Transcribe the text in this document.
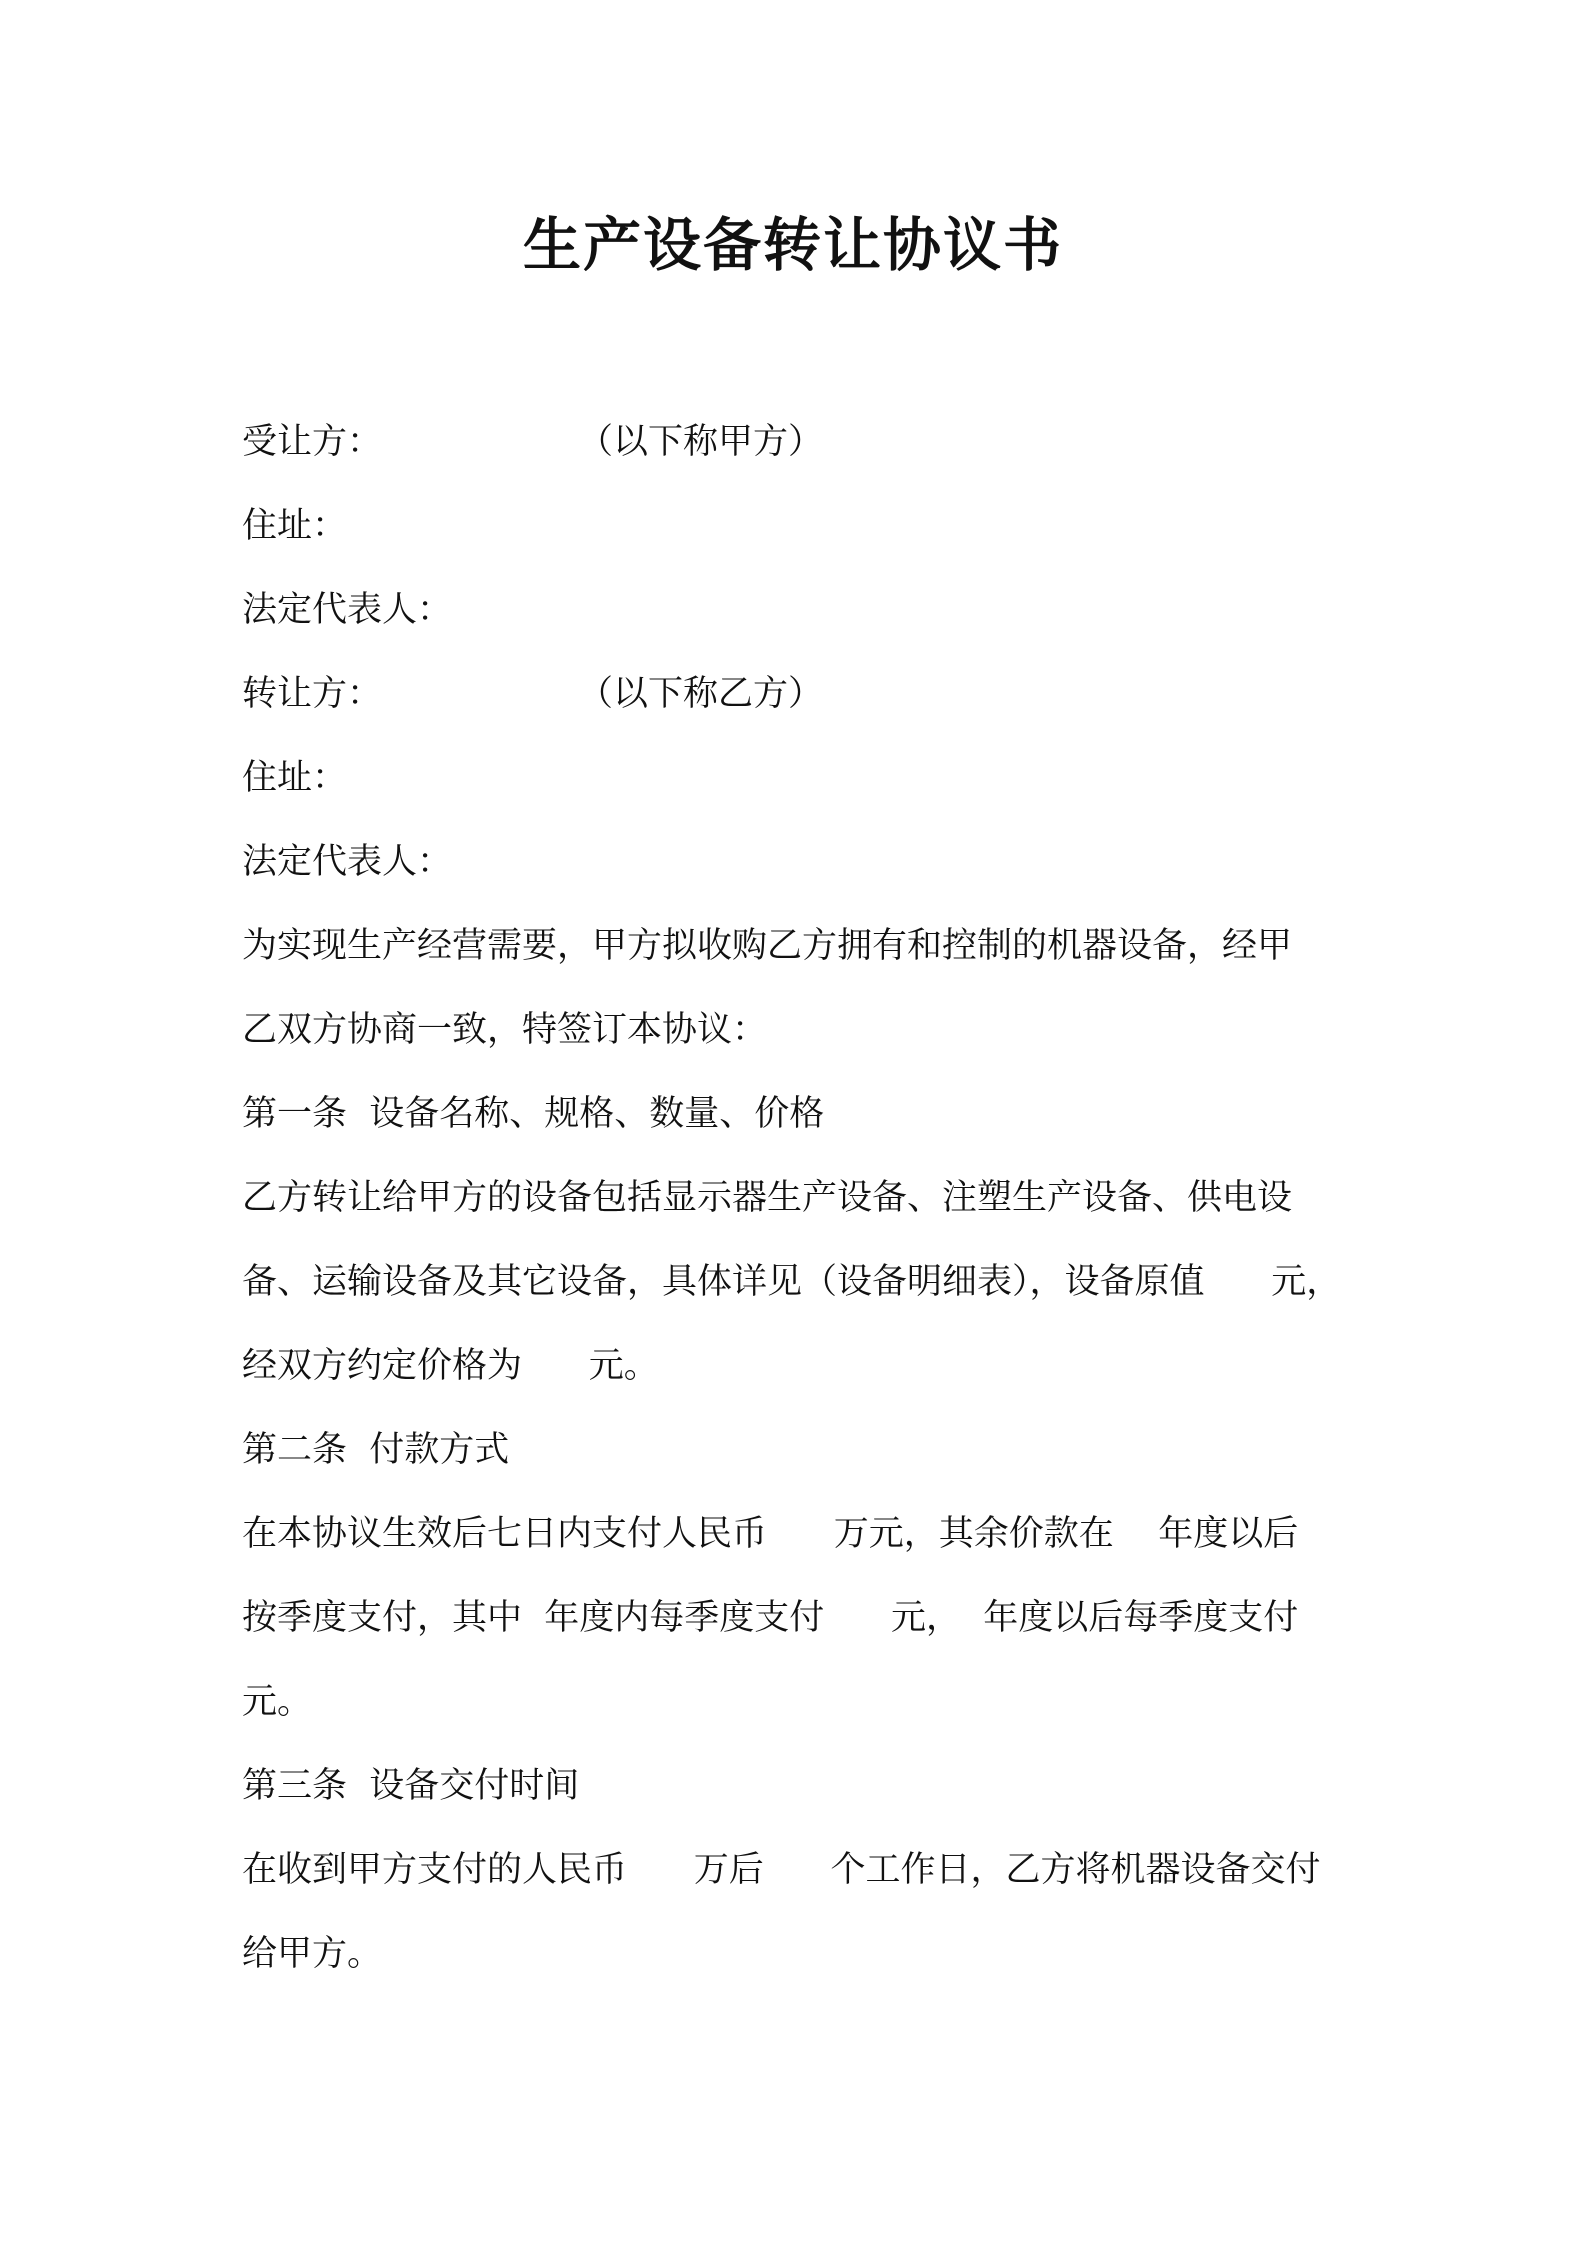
生产设备转让协议书
受让方：	（以下称甲方）
住址：
法定代表人：
转让方：	（以下称乙方）
住址：
法定代表人：
为实现生产经营需要，甲方拟收购乙方拥有和控制的机器设备，经甲
乙双方协商一致，特签订本协议：
第一条  设备名称、规格、数量、价格
乙方转让给甲方的设备包括显示器生产设备、注塑生产设备、供电设
备、运输设备及其它设备，具体详见（设备明细表），设备原值      元，
经双方约定价格为      元。
第二条  付款方式
在本协议生效后七日内支付人民币      万元，其余价款在    年度以后
按季度支付，其中  年度内每季度支付      元，  年度以后每季度支付
元。
第三条  设备交付时间
在收到甲方支付的人民币      万后      个工作日，乙方将机器设备交付
给甲方。
